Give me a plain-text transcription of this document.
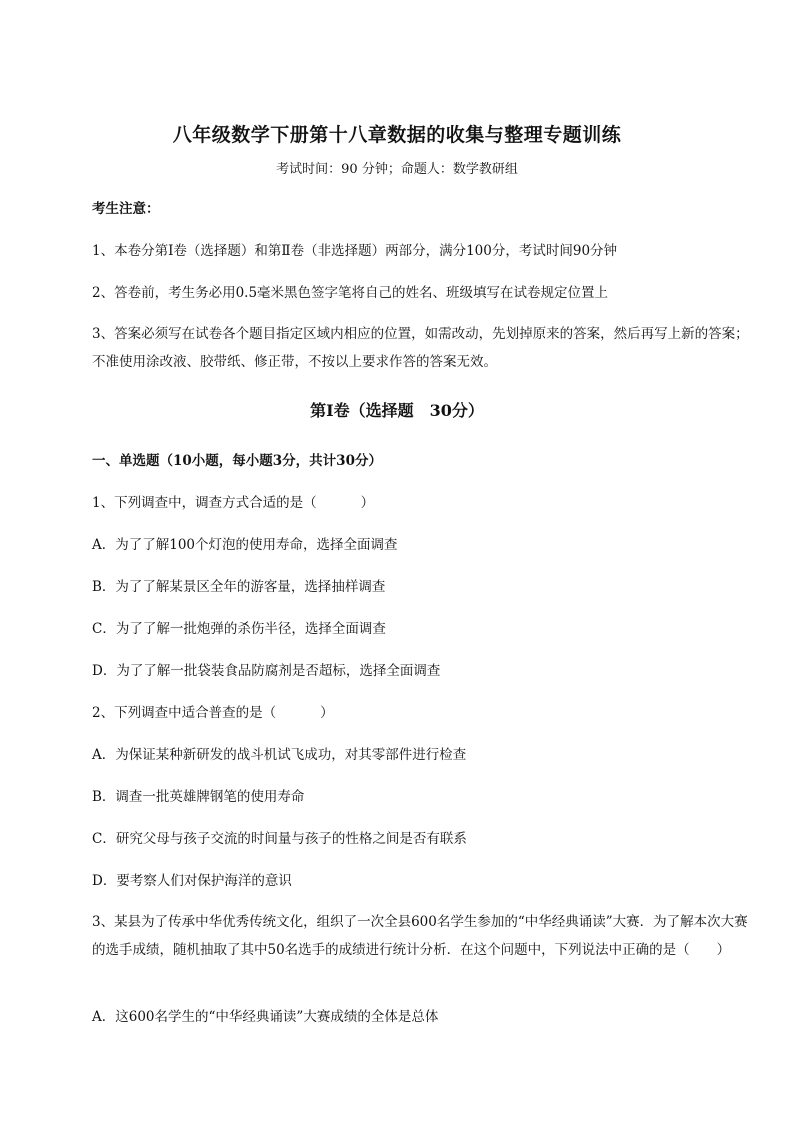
八年级数学下册第十八章数据的收集与整理专题训练
考试时间：90 分钟；命题人：数学教研组
考生注意：
1、本卷分第Ⅰ卷（选择题）和第Ⅱ卷（非选择题）两部分，满分100分，考试时间90分钟
2、答卷前，考生务必用0.5毫米黑色签字笔将自己的姓名、班级填写在试卷规定位置上
3、答案必须写在试卷各个题目指定区域内相应的位置，如需改动，先划掉原来的答案，然后再写上新的答案；不准使用涂改液、胶带纸、修正带，不按以上要求作答的答案无效。
第Ⅰ卷（选择题 30分）
一、单选题（10小题，每小题3分，共计30分）
1、下列调查中，调查方式合适的是（	）
A．为了了解100个灯泡的使用寿命，选择全面调查
B．为了了解某景区全年的游客量，选择抽样调查
C．为了了解一批炮弹的杀伤半径，选择全面调查
D．为了了解一批袋装食品防腐剂是否超标，选择全面调查
2、下列调查中适合普查的是（	）
A．为保证某种新研发的战斗机试飞成功，对其零部件进行检查
B．调查一批英雄牌钢笔的使用寿命
C．研究父母与孩子交流的时间量与孩子的性格之间是否有联系
D．要考察人们对保护海洋的意识
3、某县为了传承中华优秀传统文化，组织了一次全县600名学生参加的“中华经典诵读”大赛．为了解本次大赛的选手成绩，随机抽取了其中50名选手的成绩进行统计分析．在这个问题中，下列说法中正确的是（　　）
A．这600名学生的“中华经典诵读”大赛成绩的全体是总体
